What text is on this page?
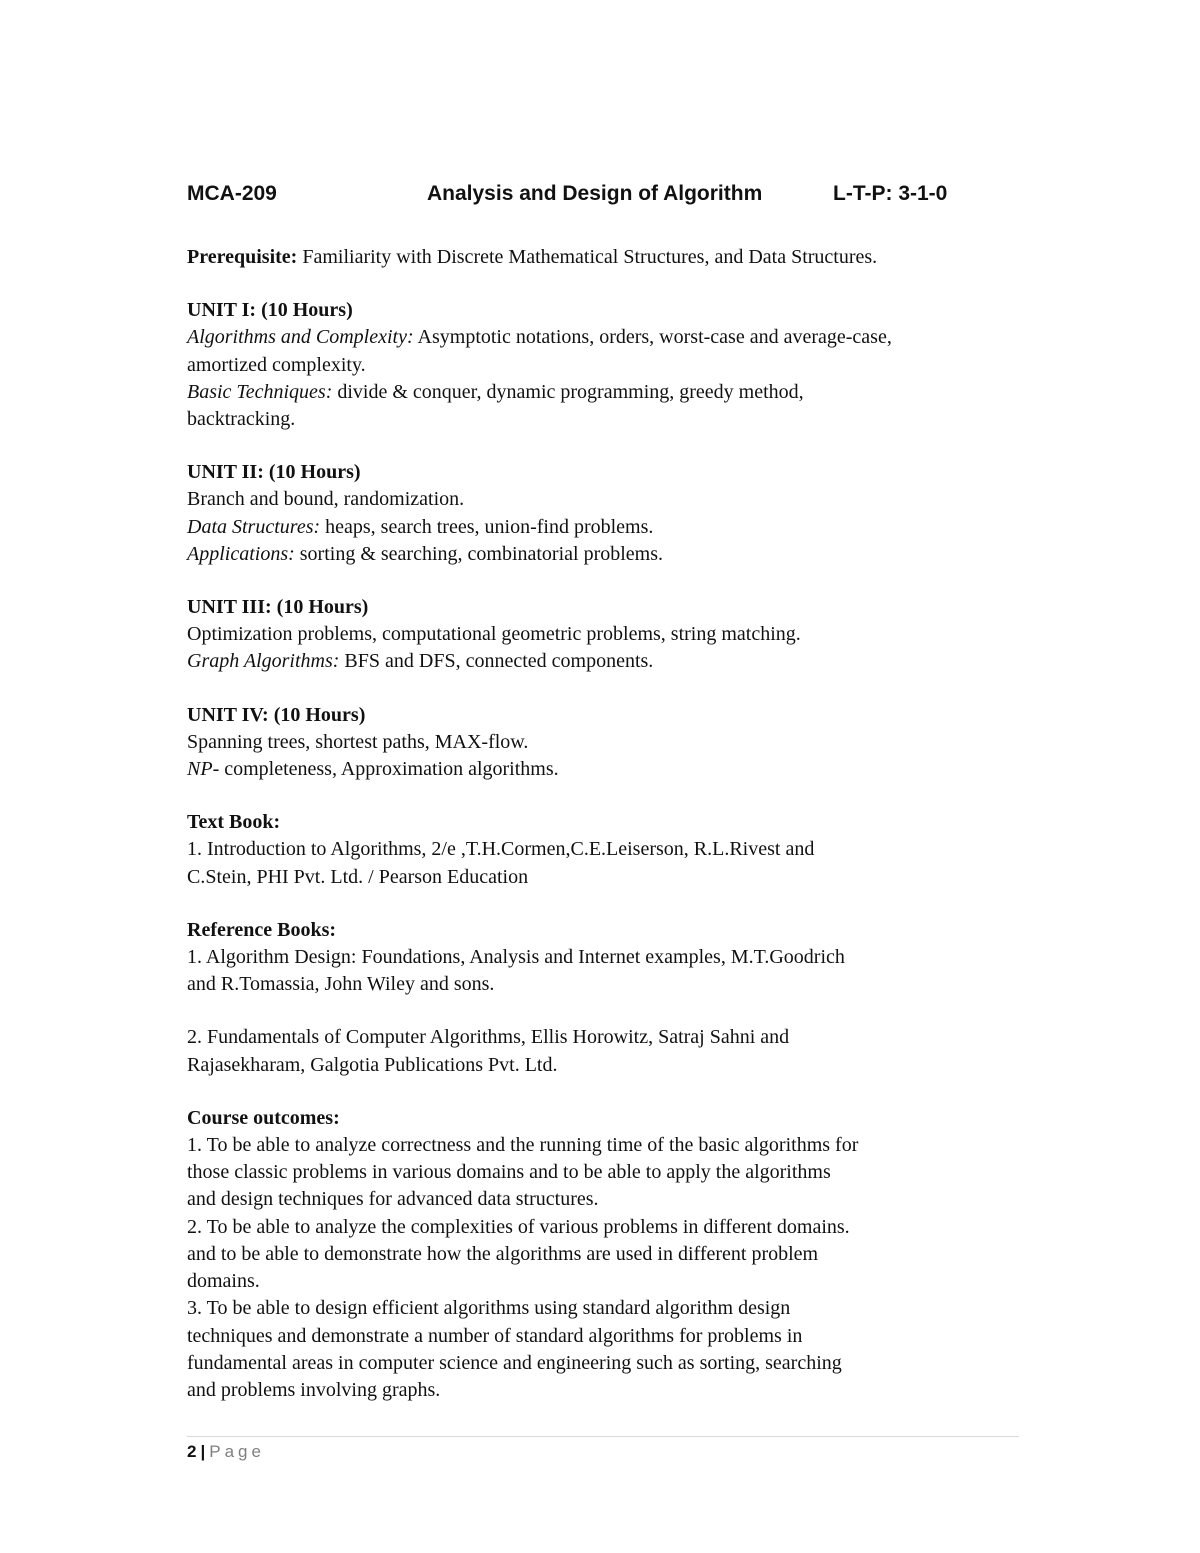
MCA-209	Analysis and Design of Algorithm	L-T-P: 3-1-0

Prerequisite: Familiarity with Discrete Mathematical Structures, and Data Structures.

UNIT I: (10 Hours)

Algorithms and Complexity: Asymptotic notations, orders, worst-case and average-case,

amortized complexity.

Basic Techniques: divide & conquer, dynamic programming, greedy method,

backtracking.

UNIT II: (10 Hours)

Branch and bound, randomization.

Data Structures: heaps, search trees, union-find problems.

Applications: sorting & searching, combinatorial problems.

UNIT III: (10 Hours)

Optimization problems, computational geometric problems, string matching.

Graph Algorithms: BFS and DFS, connected components.

UNIT IV: (10 Hours)

Spanning trees, shortest paths, MAX-flow.

NP- completeness, Approximation algorithms.

Text Book:

1. Introduction to Algorithms, 2/e ,T.H.Cormen,C.E.Leiserson, R.L.Rivest and

C.Stein, PHI Pvt. Ltd. / Pearson Education

Reference Books:

1. Algorithm Design: Foundations, Analysis and Internet examples, M.T.Goodrich

and R.Tomassia, John Wiley and sons.

2. Fundamentals of Computer Algorithms, Ellis Horowitz, Satraj Sahni and

Rajasekharam, Galgotia Publications Pvt. Ltd.

Course outcomes:

1. To be able to analyze correctness and the running time of the basic algorithms for

those classic problems in various domains and to be able to apply the algorithms

and design techniques for advanced data structures.

2. To be able to analyze the complexities of various problems in different domains.

and to be able to demonstrate how the algorithms are used in different problem

domains.

3. To be able to design efficient algorithms using standard algorithm design

techniques and demonstrate a number of standard algorithms for problems in

fundamental areas in computer science and engineering such as sorting, searching

and problems involving graphs.

2 | Page
